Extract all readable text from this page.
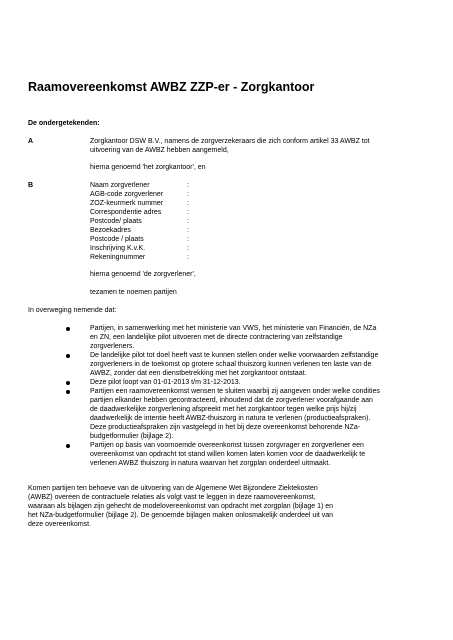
Raamovereenkomst AWBZ ZZP-er - Zorgkantoor
De ondergetekenden:
A	Zorgkantoor DSW B.V., namens de zorgverzekeraars die zich conform artikel 33 AWBZ tot
uitvoering van de AWBZ hebben aangemeld,
hierna genoemd 'het zorgkantoor', en
B	Naam zorgverlener	:
AGB-code zorgverlener	:
ZOZ-keurmerk nummer	:
Correspondentie adres	:
Postcode/ plaats	:
Bezoekadres	:
Postcode / plaats	:
Inschrijving K.v.K.	:
Rekeningnummer	:
hierna genoemd 'de zorgverlener',
tezamen te noemen partijen
In overweging nemende dat:
Partijen, in samenwerking met het ministerie van VWS, het ministerie van Financiën, de NZa
en ZN, een landelijke pilot uitvoeren met de directe contractering van zelfstandige
zorgverleners.
De landelijke pilot tot doel heeft vast te kunnen stellen onder welke voorwaarden zelfstandige
zorgverleners in de toekomst op grotere schaal thuiszorg kunnen verlenen ten laste van de
AWBZ, zonder dat een dienstbetrekking met het zorgkantoor ontstaat.
Deze pilot loopt van 01-01-2013 t/m 31-12-2013.
Partijen een raamovereenkomst wensen te sluiten waarbij zij aangeven onder welke condities
partijen elkander hebben gecontracteerd, inhoudend dat de zorgverlener voorafgaande aan
de daadwerkelijke zorgverlening afspreekt met het zorgkantoor tegen welke prijs hij/zij
daadwerkelijk de intentie heeft AWBZ-thuiszorg in natura te verlenen (productieafspraken).
Deze productieafspraken zijn vastgelegd in het bij deze overeenkomst behorende NZa-
budgetformulier (bijlage 2).
Partijen op basis van voornoemde overeenkomst tussen zorgvrager en zorgverlener een
overeenkomst van opdracht tot stand willen komen laten komen voor de daadwerkelijk te
verlenen AWBZ thuiszorg in natura waarvan het zorgplan onderdeel uitmaakt.
Komen partijen ten behoeve van de uitvoering van de Algemene Wet Bijzondere Ziektekosten
(AWBZ) overeen de contractuele relaties als volgt vast te leggen in deze raamovereenkomst,
waaraan als bijlagen zijn gehecht de modelovereenkomst van opdracht met zorgplan (bijlage 1) en
het NZa-budgetformulier (bijlage 2). De genoemde bijlagen maken onlosmakelijk onderdeel uit van
deze overeenkomst.
